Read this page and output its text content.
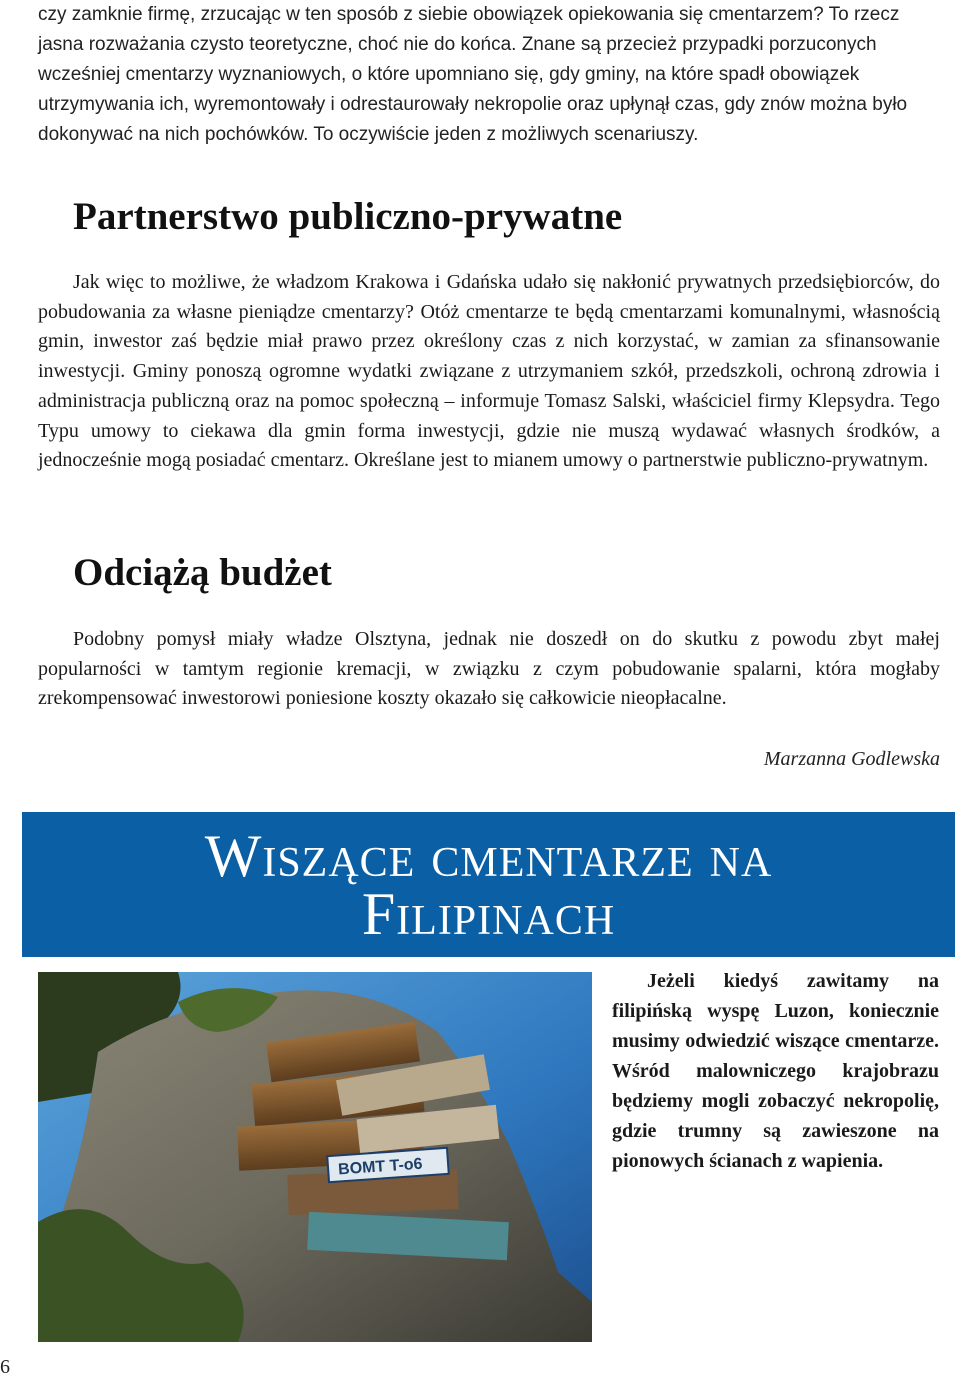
czy zamknie firmę, zrzucając w ten sposób z siebie obowiązek opiekowania się cmentarzem? To rzecz jasna rozważania czysto teoretyczne, choć nie do końca. Znane są przecież przypadki porzuconych wcześniej cmentarzy wyznaniowych, o które upomniano się, gdy gminy, na które spadł obowiązek utrzymywania ich, wyremontowały i odrestaurowały nekropolie oraz upłynął czas, gdy znów można było dokonywać na nich pochówków. To oczywiście jeden z możliwych scenariuszy.

Partnerstwo publiczno-prywatne

Jak więc to możliwe, że władzom Krakowa i Gdańska udało się nakłonić prywatnych przedsiębiorców, do pobudowania za własne pieniądze cmentarzy? Otóż cmentarze te będą cmentarzami komunalnymi, własnością gmin, inwestor zaś będzie miał prawo przez określony czas z nich korzystać, w zamian za sfinansowanie inwestycji. Gminy ponoszą ogromne wydatki związane z utrzymaniem szkół, przedszkoli, ochroną zdrowia i administracja publiczną oraz na pomoc społeczną – informuje Tomasz Salski, właściciel firmy Klepsydra. Tego Typu umowy to ciekawa dla gmin forma inwestycji, gdzie nie muszą wydawać własnych środków, a jednocześnie mogą posiadać cmentarz. Określane jest to mianem umowy o partnerstwie publiczno-prywatnym.

Odciążą budżet

Podobny pomysł miały władze Olsztyna, jednak nie doszedł on do skutku z powodu zbyt małej popularności w tamtym regionie kremacji, w związku z czym pobudowanie spalarni, która mogłaby zrekompensować inwestorowi poniesione koszty okazało się całkowicie nieopłacalne.

Marzanna Godlewska

Wiszące cmentarze na
Filipinach
BOMT T-o6

Jeżeli kiedyś zawitamy na filipińską wyspę Luzon, koniecznie musimy odwiedzić wiszące cmentarze. Wśród malowniczego krajobrazu będziemy mogli zobaczyć nekropolię, gdzie trumny są zawieszone na pionowych ścianach z wapienia.

6
